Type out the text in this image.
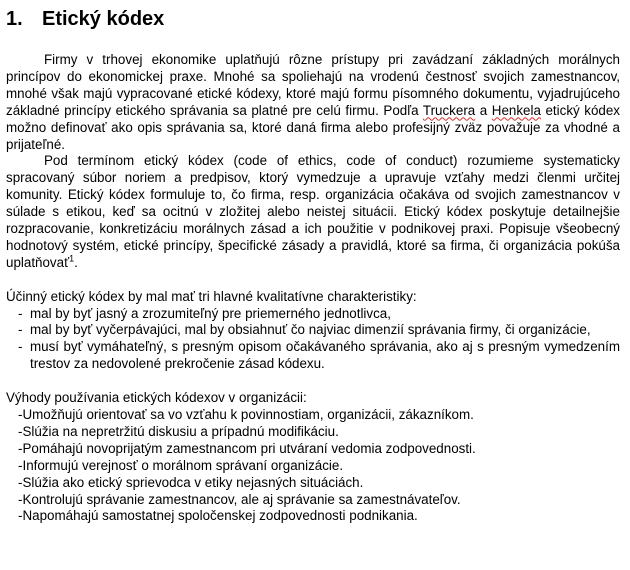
1. Etický kódex

Firmy v trhovej ekonomike uplatňujú rôzne prístupy pri zavádzaní základných morálnych princípov do ekonomickej praxe. Mnohé sa spoliehajú na vrodenú čestnosť svojich zamestnancov, mnohé však majú vypracované etické kódexy, ktoré majú formu písomného dokumentu, vyjadrujúceho základné princípy etického správania sa platné pre celú firmu. Podľa Truckera a Henkela etický kódex možno definovať ako opis správania sa, ktoré daná firma alebo profesijný zväz považuje za vhodné a prijateľné.

Pod termínom etický kódex (code of ethics, code of conduct) rozumieme systematicky spracovaný súbor noriem a predpisov, ktorý vymedzuje a upravuje vzťahy medzi členmi určitej komunity. Etický kódex formuluje to, čo firma, resp. organizácia očakáva od svojich zamestnancov v súlade s etikou, keď sa ocitnú v zložitej alebo neistej situácii. Etický kódex poskytuje detailnejšie rozpracovanie, konkretizáciu morálnych zásad a ich použitie v podnikovej praxi. Popisuje všeobecný hodnotový systém, etické princípy, špecifické zásady a pravidlá, ktoré sa firma, či organizácia pokúša uplatňovať$^1$.

Účinný etický kódex by mal mať tri hlavné kvalitatívne charakteristiky:

- mal by byť jasný a zrozumiteľný pre priemerného jednotlivca,
- mal by byť vyčerpávajúci, mal by obsiahnuť čo najviac dimenzií správania firmy, či organizácie,
- musí byť vymáhateľný, s presným opisom očakávaného správania, ako aj s presným vymedzením trestov za nedovolené prekročenie zásad kódexu.

Výhody používania etických kódexov v organizácii:

- Umožňujú orientovať sa vo vzťahu k povinnostiam, organizácii, zákazníkom.
- Slúžia na nepretržitú diskusiu a prípadnú modifikáciu.
- Pomáhajú novoprijatým zamestnancom pri utváraní vedomia zodpovednosti.
- Informujú verejnosť o morálnom správaní organizácie.
- Slúžia ako etický sprievodca v etiky nejasných situáciách.
- Kontrolujú správanie zamestnancov, ale aj správanie sa zamestnávateľov.
- Napomáhajú samostatnej spoločenskej zodpovednosti podnikania.
